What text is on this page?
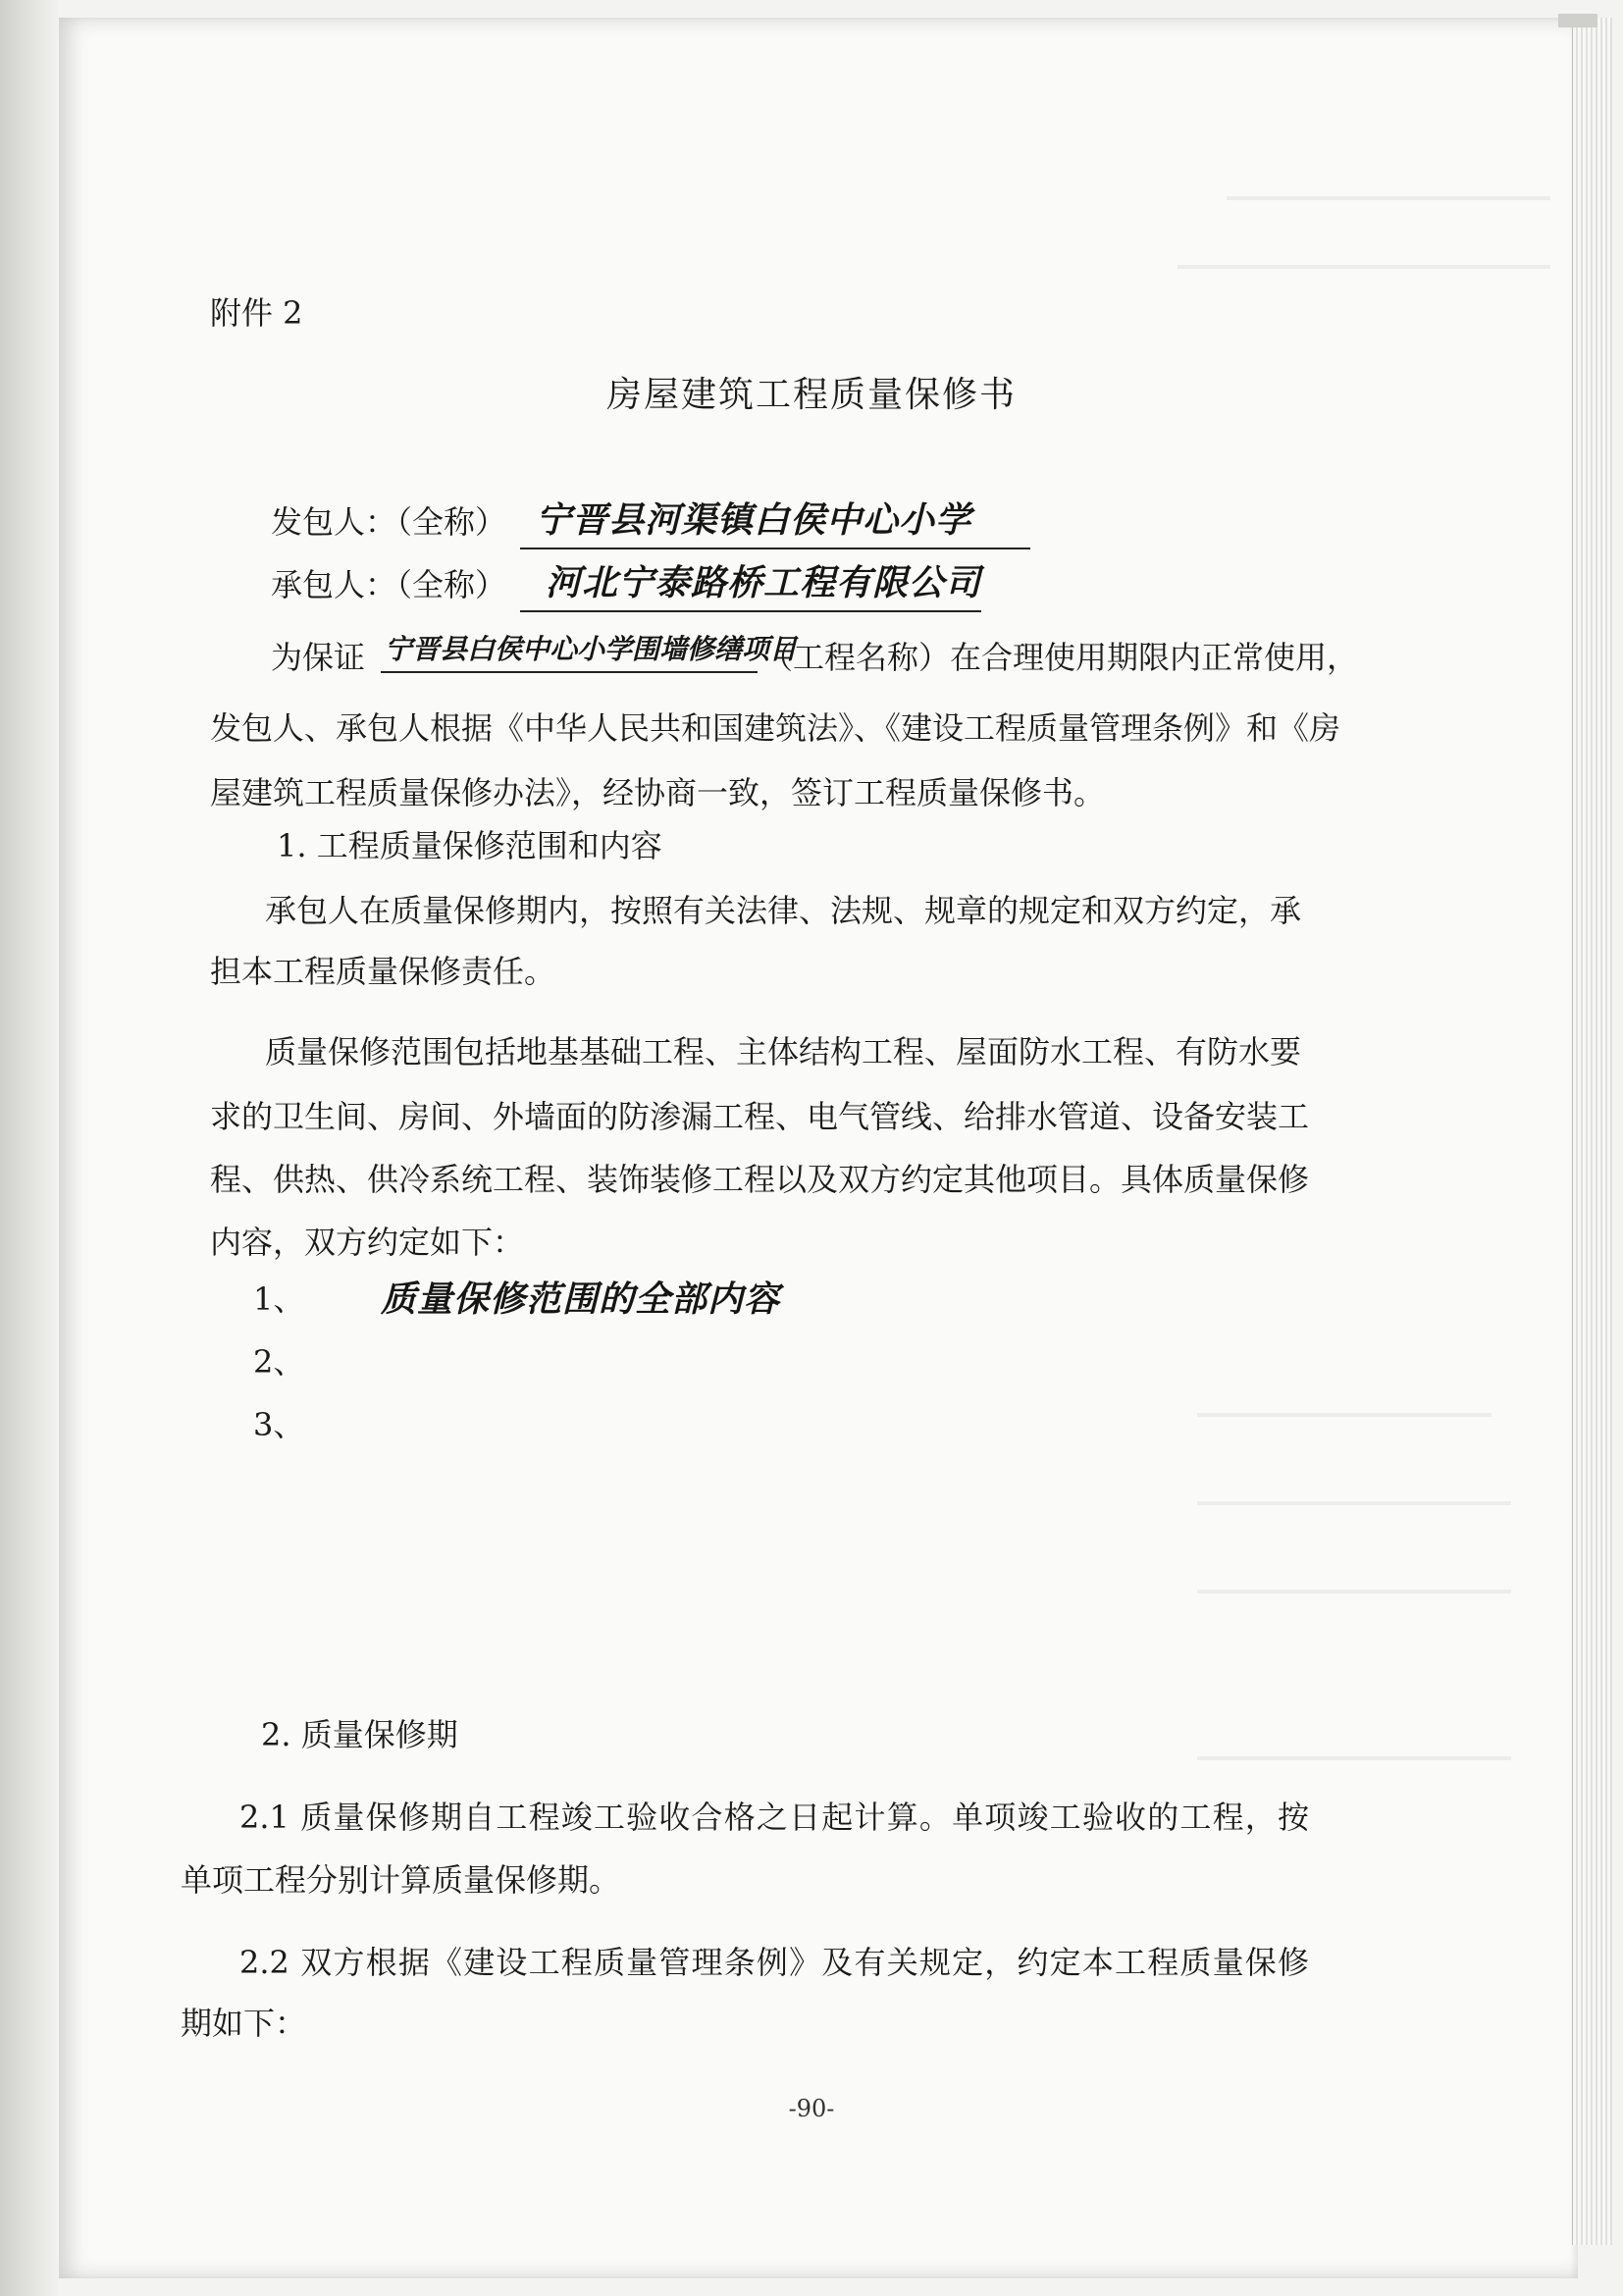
附件 2
房屋建筑工程质量保修书
发包人：（全称） 宁晋县河渠镇白侯中心小学
承包人：（全称） 河北宁泰路桥工程有限公司
为保证 宁晋县白侯中心小学围墙修缮项目
（工程名称）在合理使用期限内正常使用，
发包人、承包人根据《中华人民共和国建筑法》、《建设工程质量管理条例》和《房
屋建筑工程质量保修办法》，经协商一致，签订工程质量保修书。
1. 工程质量保修范围和内容
承包人在质量保修期内，按照有关法律、法规、规章的规定和双方约定，承
担本工程质量保修责任。
质量保修范围包括地基基础工程、主体结构工程、屋面防水工程、有防水要
求的卫生间、房间、外墙面的防渗漏工程、电气管线、给排水管道、设备安装工
程、供热、供冷系统工程、装饰装修工程以及双方约定其他项目。具体质量保修
内容，双方约定如下：
1、 质量保修范围的全部内容
2、
3、
2. 质量保修期
2.1 质量保修期自工程竣工验收合格之日起计算。单项竣工验收的工程，按
单项工程分别计算质量保修期。
2.2 双方根据《建设工程质量管理条例》及有关规定，约定本工程质量保修
期如下：
-90-
